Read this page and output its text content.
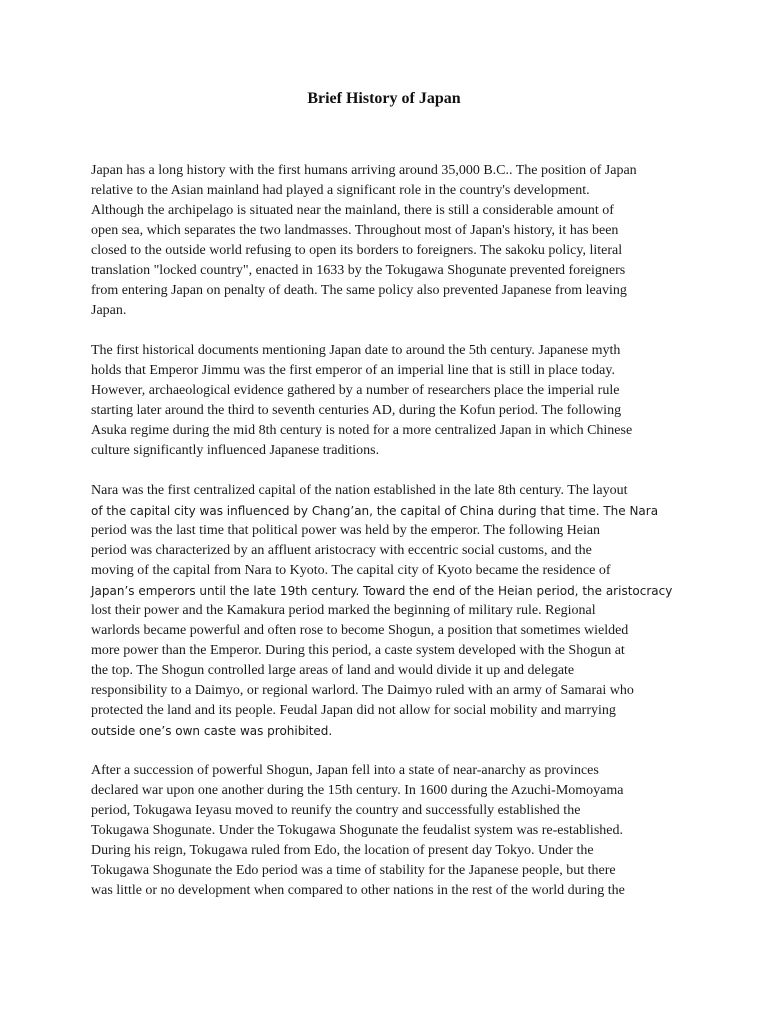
Brief History of Japan

Japan has a long history with the first humans arriving around 35,000 B.C.. The position of Japan
relative to the Asian mainland had played a significant role in the country's development.
Although the archipelago is situated near the mainland, there is still a considerable amount of
open sea, which separates the two landmasses. Throughout most of Japan's history, it has been
closed to the outside world refusing to open its borders to foreigners. The sakoku policy, literal
translation "locked country", enacted in 1633 by the Tokugawa Shogunate prevented foreigners
from entering Japan on penalty of death. The same policy also prevented Japanese from leaving
Japan.

The first historical documents mentioning Japan date to around the 5th century. Japanese myth
holds that Emperor Jimmu was the first emperor of an imperial line that is still in place today.
However, archaeological evidence gathered by a number of researchers place the imperial rule
starting later around the third to seventh centuries AD, during the Kofun period. The following
Asuka regime during the mid 8th century is noted for a more centralized Japan in which Chinese
culture significantly influenced Japanese traditions.

Nara was the first centralized capital of the nation established in the late 8th century. The layout
of the capital city was influenced by Chang’an, the capital of China during that time. The Nara
period was the last time that political power was held by the emperor. The following Heian
period was characterized by an affluent aristocracy with eccentric social customs, and the
moving of the capital from Nara to Kyoto. The capital city of Kyoto became the residence of
Japan’s emperors until the late 19th century. Toward the end of the Heian period, the aristocracy
lost their power and the Kamakura period marked the beginning of military rule. Regional
warlords became powerful and often rose to become Shogun, a position that sometimes wielded
more power than the Emperor. During this period, a caste system developed with the Shogun at
the top. The Shogun controlled large areas of land and would divide it up and delegate
responsibility to a Daimyo, or regional warlord. The Daimyo ruled with an army of Samarai who
protected the land and its people. Feudal Japan did not allow for social mobility and marrying
outside one’s own caste was prohibited.

After a succession of powerful Shogun, Japan fell into a state of near-anarchy as provinces
declared war upon one another during the 15th century. In 1600 during the Azuchi-Momoyama
period, Tokugawa Ieyasu moved to reunify the country and successfully established the
Tokugawa Shogunate. Under the Tokugawa Shogunate the feudalist system was re-established.
During his reign, Tokugawa ruled from Edo, the location of present day Tokyo. Under the
Tokugawa Shogunate the Edo period was a time of stability for the Japanese people, but there
was little or no development when compared to other nations in the rest of the world during the
